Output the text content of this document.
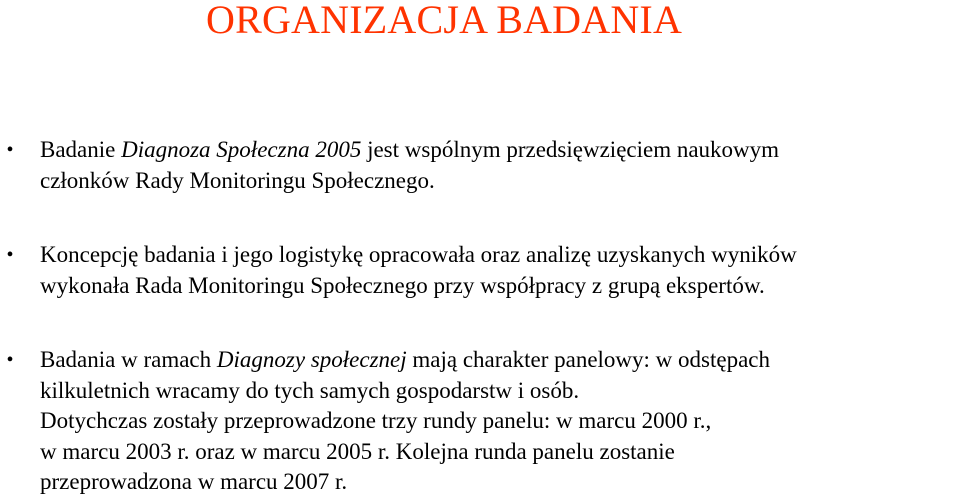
ORGANIZACJA BADANIA
• Badanie Diagnoza Społeczna 2005 jest wspólnym przedsięwzięciem naukowym
członków Rady Monitoringu Społecznego.
• Koncepcję badania i jego logistykę opracowała oraz analizę uzyskanych wyników
wykonała Rada Monitoringu Społecznego przy współpracy z grupą ekspertów.
• Badania w ramach Diagnozy społecznej mają charakter panelowy: w odstępach
kilkuletnich wracamy do tych samych gospodarstw i osób.
Dotychczas zostały przeprowadzone trzy rundy panelu: w marcu 2000 r.,
w marcu 2003 r. oraz w marcu 2005 r. Kolejna runda panelu zostanie
przeprowadzona w marcu 2007 r.
